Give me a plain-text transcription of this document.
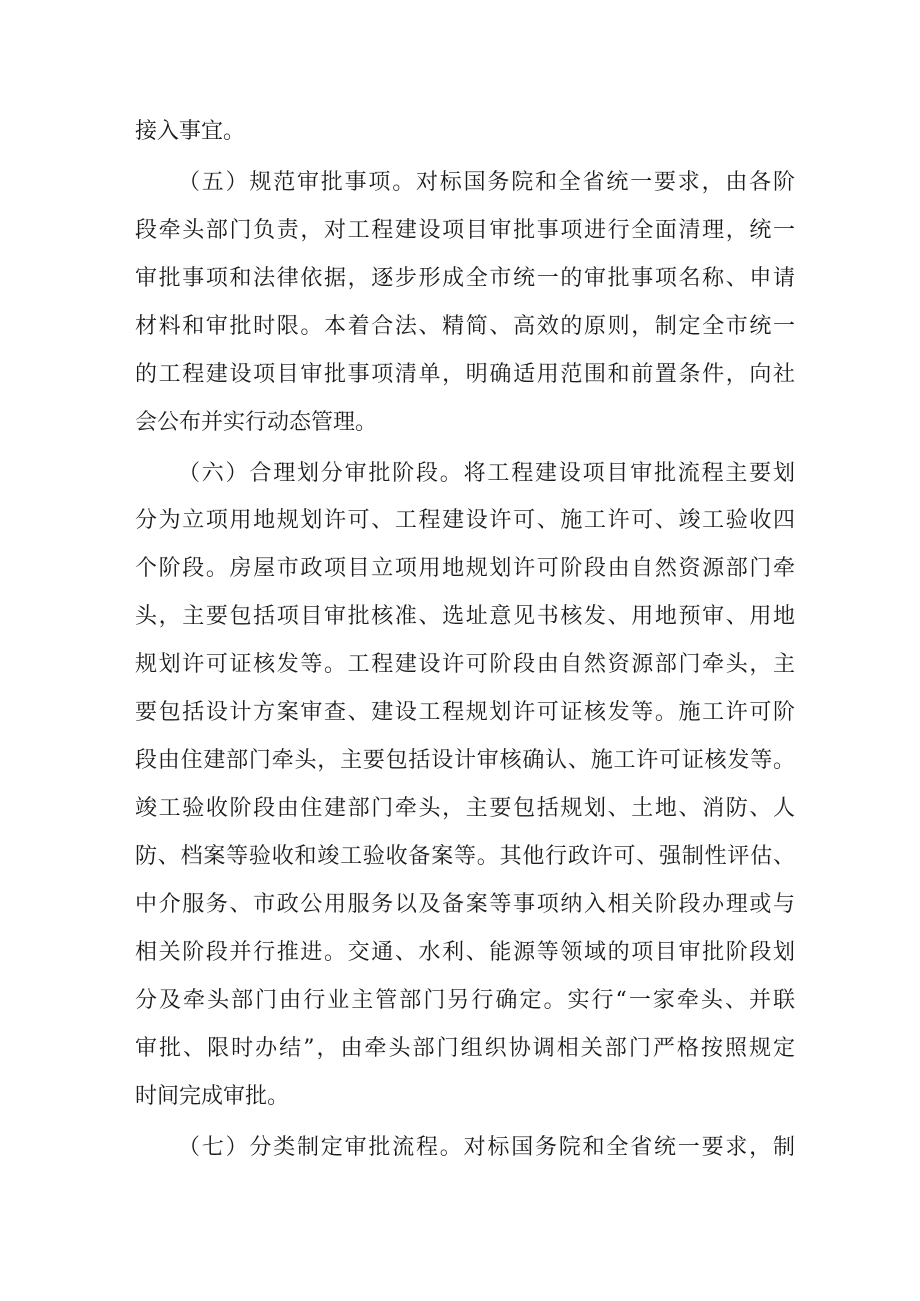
接入事宜。
（五）规范审批事项。对标国务院和全省统一要求，由各阶
段牵头部门负责，对工程建设项目审批事项进行全面清理，统一
审批事项和法律依据，逐步形成全市统一的审批事项名称、申请
材料和审批时限。本着合法、精简、高效的原则，制定全市统一
的工程建设项目审批事项清单，明确适用范围和前置条件，向社
会公布并实行动态管理。
（六）合理划分审批阶段。将工程建设项目审批流程主要划
分为立项用地规划许可、工程建设许可、施工许可、竣工验收四
个阶段。房屋市政项目立项用地规划许可阶段由自然资源部门牵
头，主要包括项目审批核准、选址意见书核发、用地预审、用地
规划许可证核发等。工程建设许可阶段由自然资源部门牵头，主
要包括设计方案审查、建设工程规划许可证核发等。施工许可阶
段由住建部门牵头，主要包括设计审核确认、施工许可证核发等。
竣工验收阶段由住建部门牵头，主要包括规划、土地、消防、人
防、档案等验收和竣工验收备案等。其他行政许可、强制性评估、
中介服务、市政公用服务以及备案等事项纳入相关阶段办理或与
相关阶段并行推进。交通、水利、能源等领域的项目审批阶段划
分及牵头部门由行业主管部门另行确定。实行“一家牵头、并联
审批、限时办结”，由牵头部门组织协调相关部门严格按照规定
时间完成审批。
（七）分类制定审批流程。对标国务院和全省统一要求，制
